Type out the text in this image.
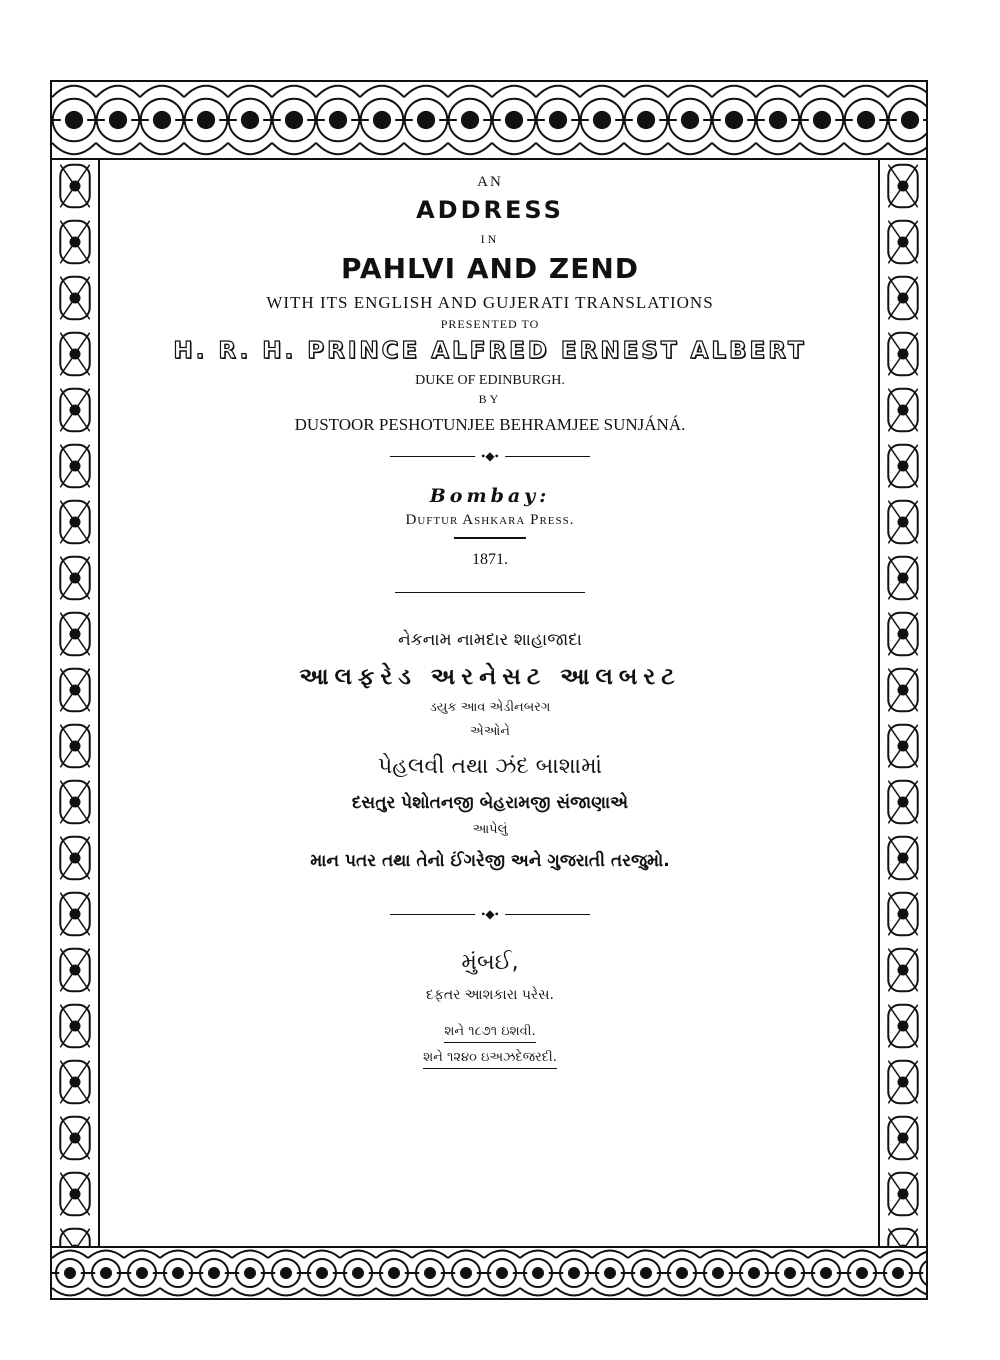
AN
ADDRESS
IN
PAHLVI AND ZEND
WITH ITS ENGLISH AND GUJERATI TRANSLATIONS
PRESENTED TO
H. R. H. PRINCE ALFRED ERNEST ALBERT
DUKE OF EDINBURGH.
BY
DUSTOOR PESHOTUNJEE BEHRAMJEE SUNJÁNÁ.
•◆•
Bombay:
Duftur Ashkara Press.
1871.
નેકનામ નામદાર શાહાજાદા
આલફરેડ અરનેસટ આલબરટ
ડયુક આવ એડીનબરગ
એઓને
પેહલવી તથા ઝંદ બાશામાં
દસતુર પેશોતનજી બેહરામજી સંજાણાએ
આપેલું
માન પતર તથા તેનો ઈંગરેજી અને ગુજરાતી તરજુમો.
•◆•
મુંબઈ,
દફતર આશકારા પરેસ.
શને ૧૮૭૧ ઇશવી.
શને ૧૨૪૦ ઇઅઝદેજરદી.
